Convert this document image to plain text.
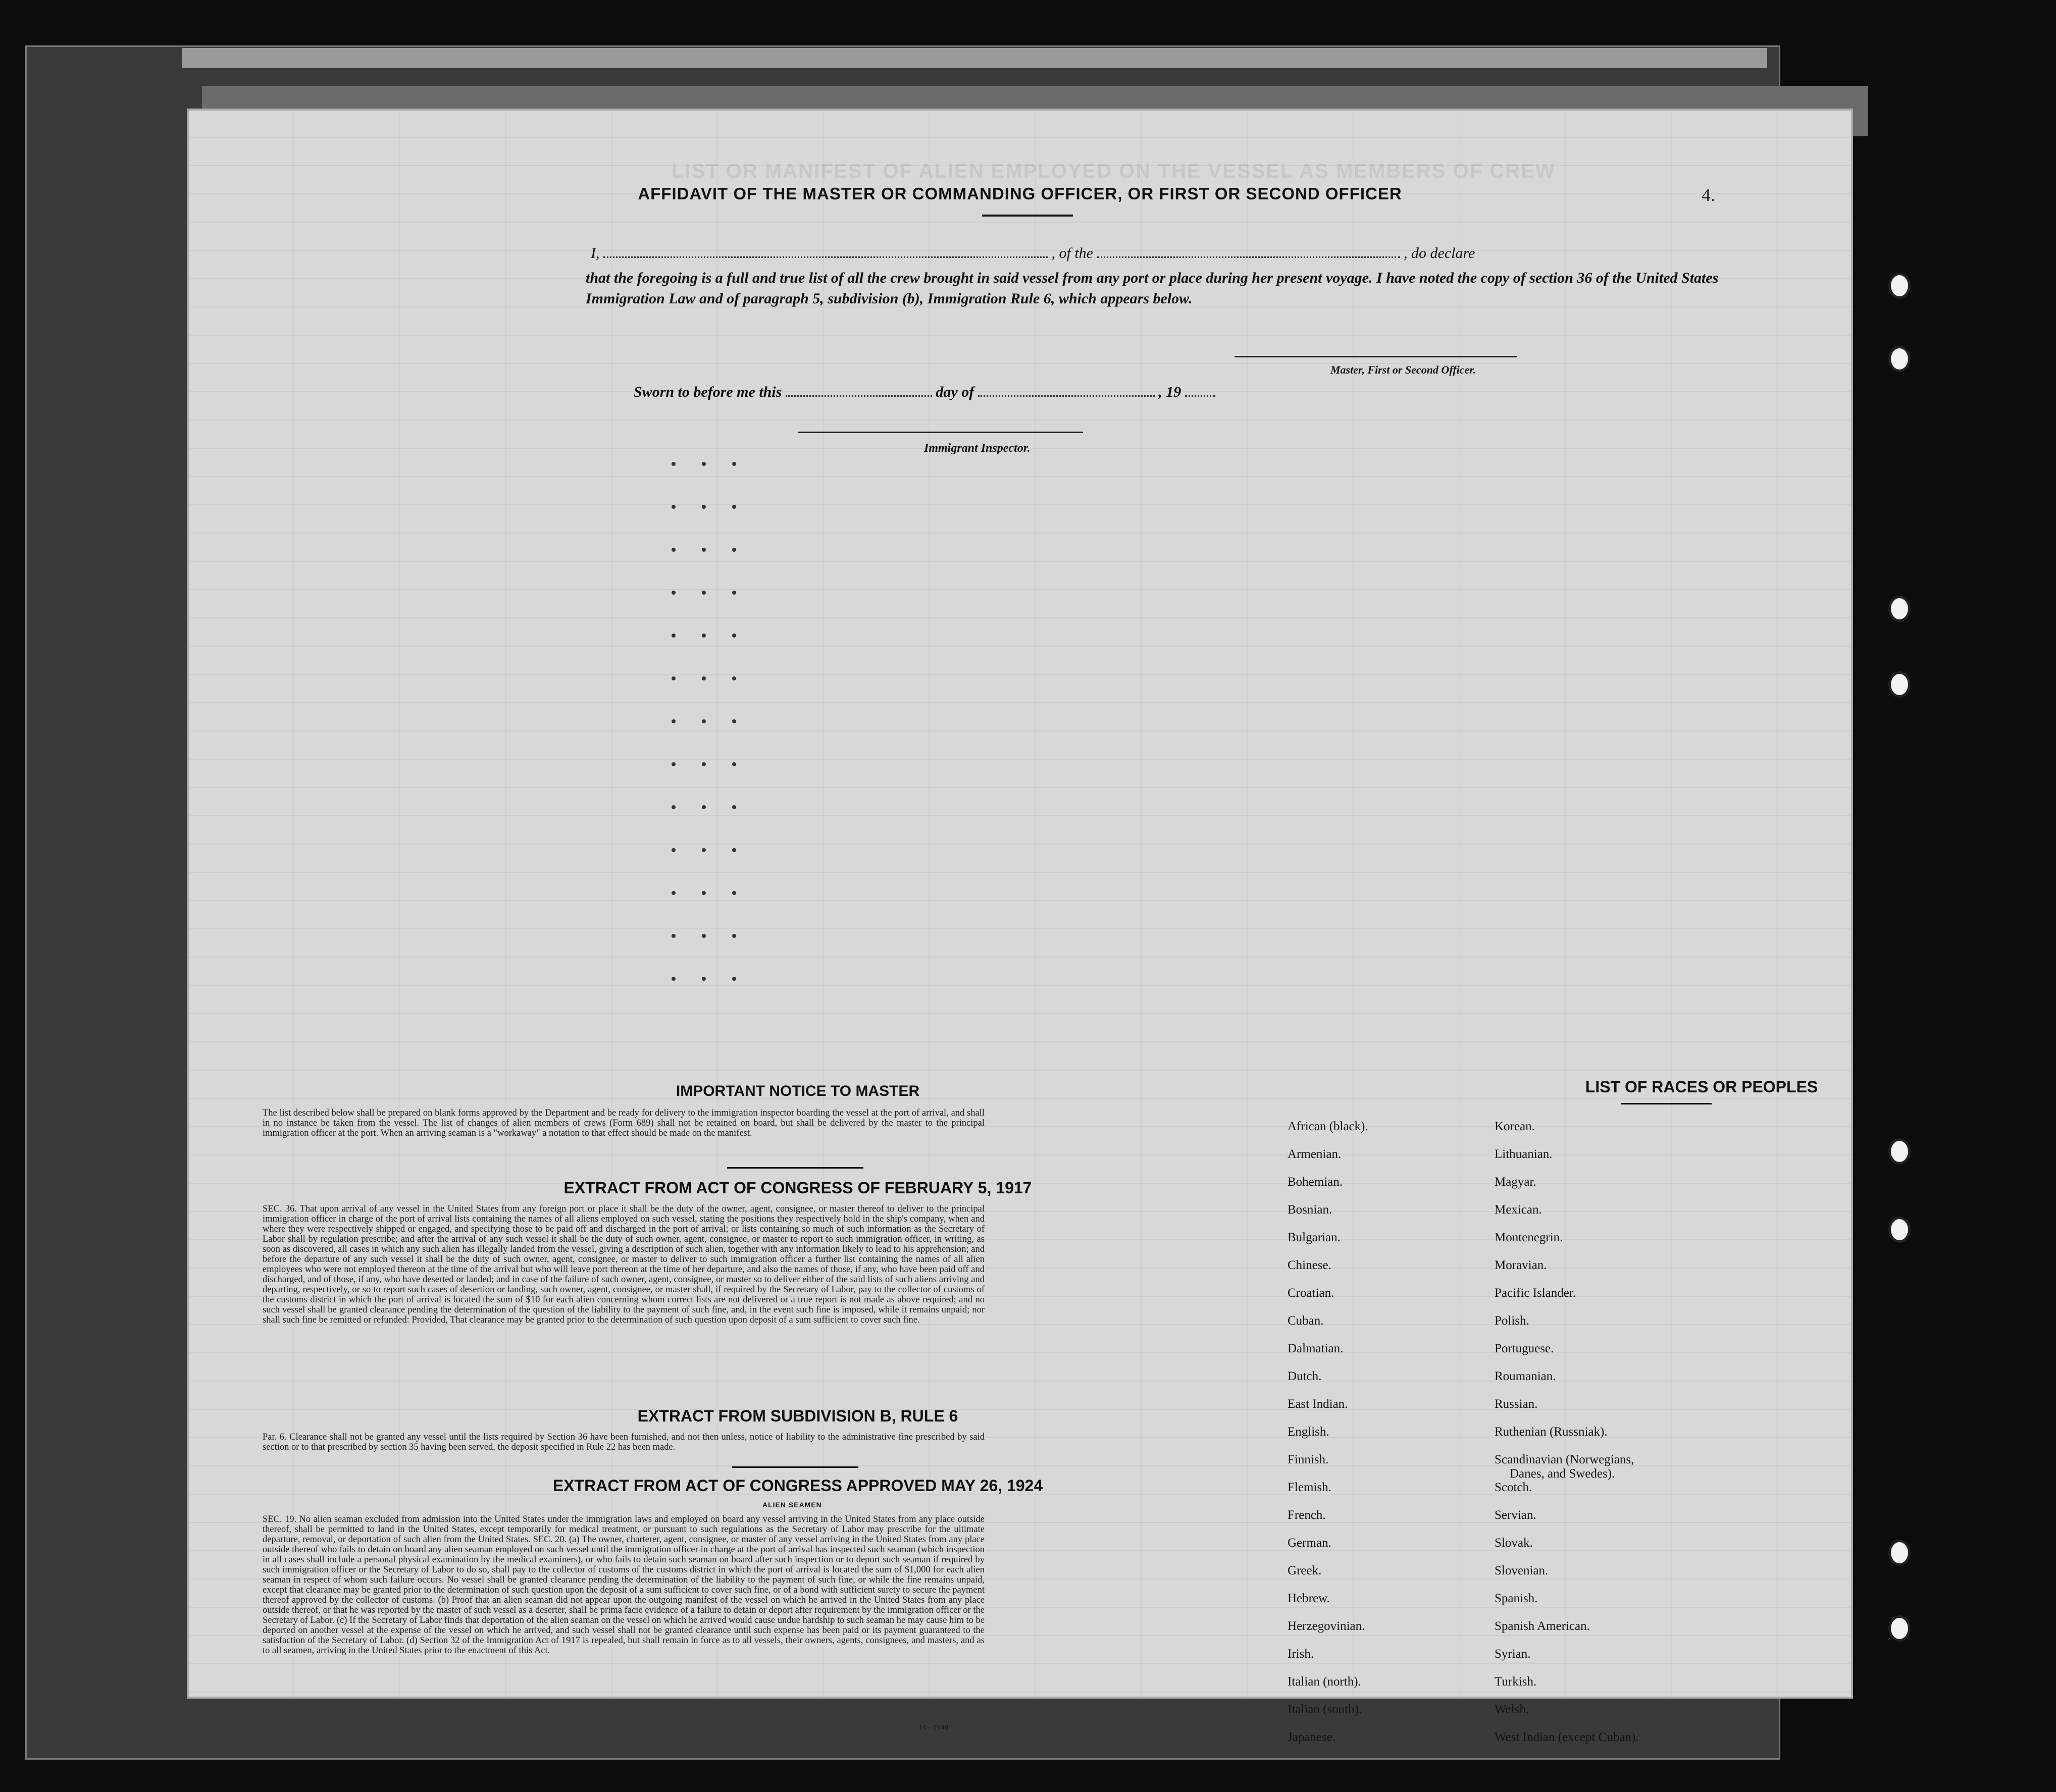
LIST OR MANIFEST OF ALIEN EMPLOYED ON THE VESSEL AS MEMBERS OF CREW
4.
AFFIDAVIT OF THE MASTER OR COMMANDING OFFICER, OR FIRST OR SECOND OFFICER
I,	, of the	, do declare
that the foregoing is a full and true list of all the crew brought in said vessel from any port or place during her present voyage. I have noted the copy of section 36 of the United States Immigration Law and of paragraph 5, subdivision (b), Immigration Rule 6, which appears below.
Master, First or Second Officer.
Sworn to before me this	day of	, 19
Immigrant Inspector.
IMPORTANT NOTICE TO MASTER
The list described below shall be prepared on blank forms approved by the Department and be ready for delivery to the immigration inspector boarding the vessel at the port of arrival, and shall in no instance be taken from the vessel. The list of changes of alien members of crews (Form 689) shall not be retained on board, but shall be delivered by the master to the principal immigration officer at the port. When an arriving seaman is a "workaway" a notation to that effect should be made on the manifest.
EXTRACT FROM ACT OF CONGRESS OF FEBRUARY 5, 1917
SEC. 36. That upon arrival of any vessel in the United States from any foreign port or place it shall be the duty of the owner, agent, consignee, or master thereof to deliver to the principal immigration officer in charge of the port of arrival lists containing the names of all aliens employed on such vessel, stating the positions they respectively hold in the ship's company, when and where they were respectively shipped or engaged, and specifying those to be paid off and discharged in the port of arrival; or lists containing so much of such information as the Secretary of Labor shall by regulation prescribe; and after the arrival of any such vessel it shall be the duty of such owner, agent, consignee, or master to report to such immigration officer, in writing, as soon as discovered, all cases in which any such alien has illegally landed from the vessel, giving a description of such alien, together with any information likely to lead to his apprehension; and before the departure of any such vessel it shall be the duty of such owner, agent, consignee, or master to deliver to such immigration officer a further list containing the names of all alien employees who were not employed thereon at the time of the arrival but who will leave port thereon at the time of her departure, and also the names of those, if any, who have been paid off and discharged, and of those, if any, who have deserted or landed; and in case of the failure of such owner, agent, consignee, or master so to deliver either of the said lists of such aliens arriving and departing, respectively, or so to report such cases of desertion or landing, such owner, agent, consignee, or master shall, if required by the Secretary of Labor, pay to the collector of customs of the customs district in which the port of arrival is located the sum of $10 for each alien concerning whom correct lists are not delivered or a true report is not made as above required; and no such vessel shall be granted clearance pending the determination of the question of the liability to the payment of such fine, and, in the event such fine is imposed, while it remains unpaid; nor shall such fine be remitted or refunded: Provided, That clearance may be granted prior to the determination of such question upon deposit of a sum sufficient to cover such fine.
EXTRACT FROM SUBDIVISION B, RULE 6
Par. 6. Clearance shall not be granted any vessel until the lists required by Section 36 have been furnished, and not then unless, notice of liability to the administrative fine prescribed by said section or to that prescribed by section 35 having been served, the deposit specified in Rule 22 has been made.
EXTRACT FROM ACT OF CONGRESS APPROVED MAY 26, 1924
ALIEN SEAMEN
SEC. 19. No alien seaman excluded from admission into the United States under the immigration laws and employed on board any vessel arriving in the United States from any place outside thereof, shall be permitted to land in the United States, except temporarily for medical treatment, or pursuant to such regulations as the Secretary of Labor may prescribe for the ultimate departure, removal, or deportation of such alien from the United States. SEC. 20. (a) The owner, charterer, agent, consignee, or master of any vessel arriving in the United States from any place outside thereof who fails to detain on board any alien seaman employed on such vessel until the immigration officer in charge at the port of arrival has inspected such seaman (which inspection in all cases shall include a personal physical examination by the medical examiners), or who fails to detain such seaman on board after such inspection or to deport such seaman if required by such immigration officer or the Secretary of Labor to do so, shall pay to the collector of customs of the customs district in which the port of arrival is located the sum of $1,000 for each alien seaman in respect of whom such failure occurs. No vessel shall be granted clearance pending the determination of the liability to the payment of such fine, or while the fine remains unpaid, except that clearance may be granted prior to the determination of such question upon the deposit of a sum sufficient to cover such fine, or of a bond with sufficient surety to secure the payment thereof approved by the collector of customs. (b) Proof that an alien seaman did not appear upon the outgoing manifest of the vessel on which he arrived in the United States from any place outside thereof, or that he was reported by the master of such vessel as a deserter, shall be prima facie evidence of a failure to detain or deport after requirement by the immigration officer or the Secretary of Labor. (c) If the Secretary of Labor finds that deportation of the alien seaman on the vessel on which he arrived would cause undue hardship to such seaman he may cause him to be deported on another vessel at the expense of the vessel on which he arrived, and such vessel shall not be granted clearance until such expense has been paid or its payment guaranteed to the satisfaction of the Secretary of Labor. (d) Section 32 of the Immigration Act of 1917 is repealed, but shall remain in force as to all vessels, their owners, agents, consignees, and masters, and as to all seamen, arriving in the United States prior to the enactment of this Act.
14—1940
LIST OF RACES OR PEOPLES
African (black).
Armenian.
Bohemian.
Bosnian.
Bulgarian.
Chinese.
Croatian.
Cuban.
Dalmatian.
Dutch.
East Indian.
English.
Finnish.
Flemish.
French.
German.
Greek.
Hebrew.
Herzegovinian.
Irish.
Italian (north).
Italian (south).
Japanese.
Korean.
Lithuanian.
Magyar.
Mexican.
Montenegrin.
Moravian.
Pacific Islander.
Polish.
Portuguese.
Roumanian.
Russian.
Ruthenian (Russniak).
Scandinavian (Norwegians,
Danes, and Swedes).
Scotch.
Servian.
Slovak.
Slovenian.
Spanish.
Spanish American.
Syrian.
Turkish.
Welsh.
West Indian (except Cuban).
